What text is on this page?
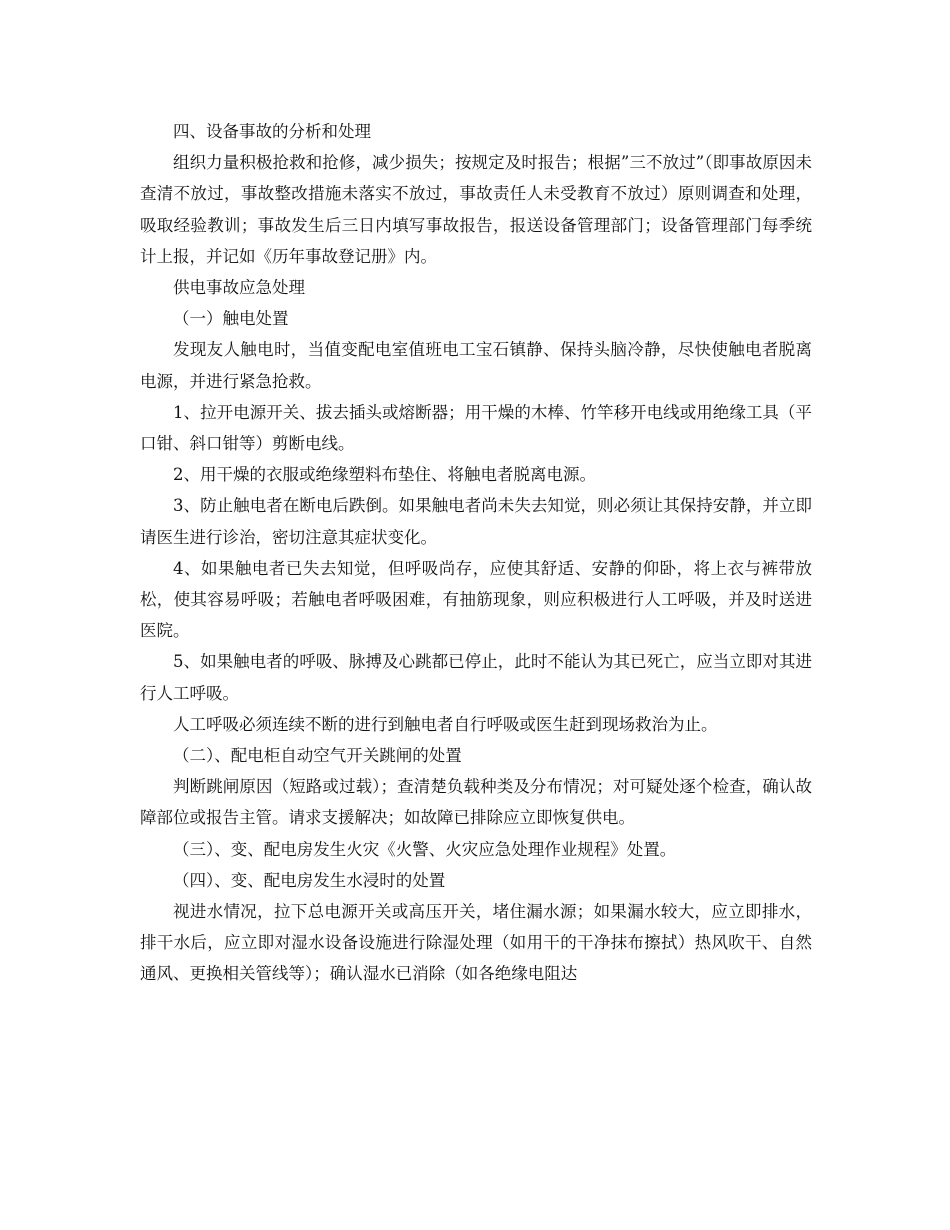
四、设备事故的分析和处理

组织力量积极抢救和抢修，减少损失；按规定及时报告；根据”三不放过”（即事故原因未查清不放过，事故整改措施未落实不放过，事故责任人未受教育不放过）原则调查和处理，吸取经验教训；事故发生后三日内填写事故报告，报送设备管理部门；设备管理部门每季统计上报，并记如《历年事故登记册》内。

供电事故应急处理

（一）触电处置

发现友人触电时，当值变配电室值班电工宝石镇静、保持头脑冷静，尽快使触电者脱离电源，并进行紧急抢救。

1、拉开电源开关、拔去插头或熔断器；用干燥的木棒、竹竿移开电线或用绝缘工具（平口钳、斜口钳等）剪断电线。

2、用干燥的衣服或绝缘塑料布垫住、将触电者脱离电源。

3、防止触电者在断电后跌倒。如果触电者尚未失去知觉，则必须让其保持安静，并立即请医生进行诊治，密切注意其症状变化。

4、如果触电者已失去知觉，但呼吸尚存，应使其舒适、安静的仰卧，将上衣与裤带放松，使其容易呼吸；若触电者呼吸困难，有抽筋现象，则应积极进行人工呼吸，并及时送进医院。

5、如果触电者的呼吸、脉搏及心跳都已停止，此时不能认为其已死亡，应当立即对其进行人工呼吸。

人工呼吸必须连续不断的进行到触电者自行呼吸或医生赶到现场救治为止。

（二）、配电柜自动空气开关跳闸的处置

判断跳闸原因（短路或过载）；查清楚负载种类及分布情况；对可疑处逐个检查，确认故障部位或报告主管。请求支援解决；如故障已排除应立即恢复供电。

（三）、变、配电房发生火灾《火警、火灾应急处理作业规程》处置。

（四）、变、配电房发生水浸时的处置

视进水情况，拉下总电源开关或高压开关，堵住漏水源；如果漏水较大，应立即排水，排干水后，应立即对湿水设备设施进行除湿处理（如用干的干净抹布擦拭）热风吹干、自然通风、更换相关管线等）；确认湿水已消除（如各绝缘电阻达
